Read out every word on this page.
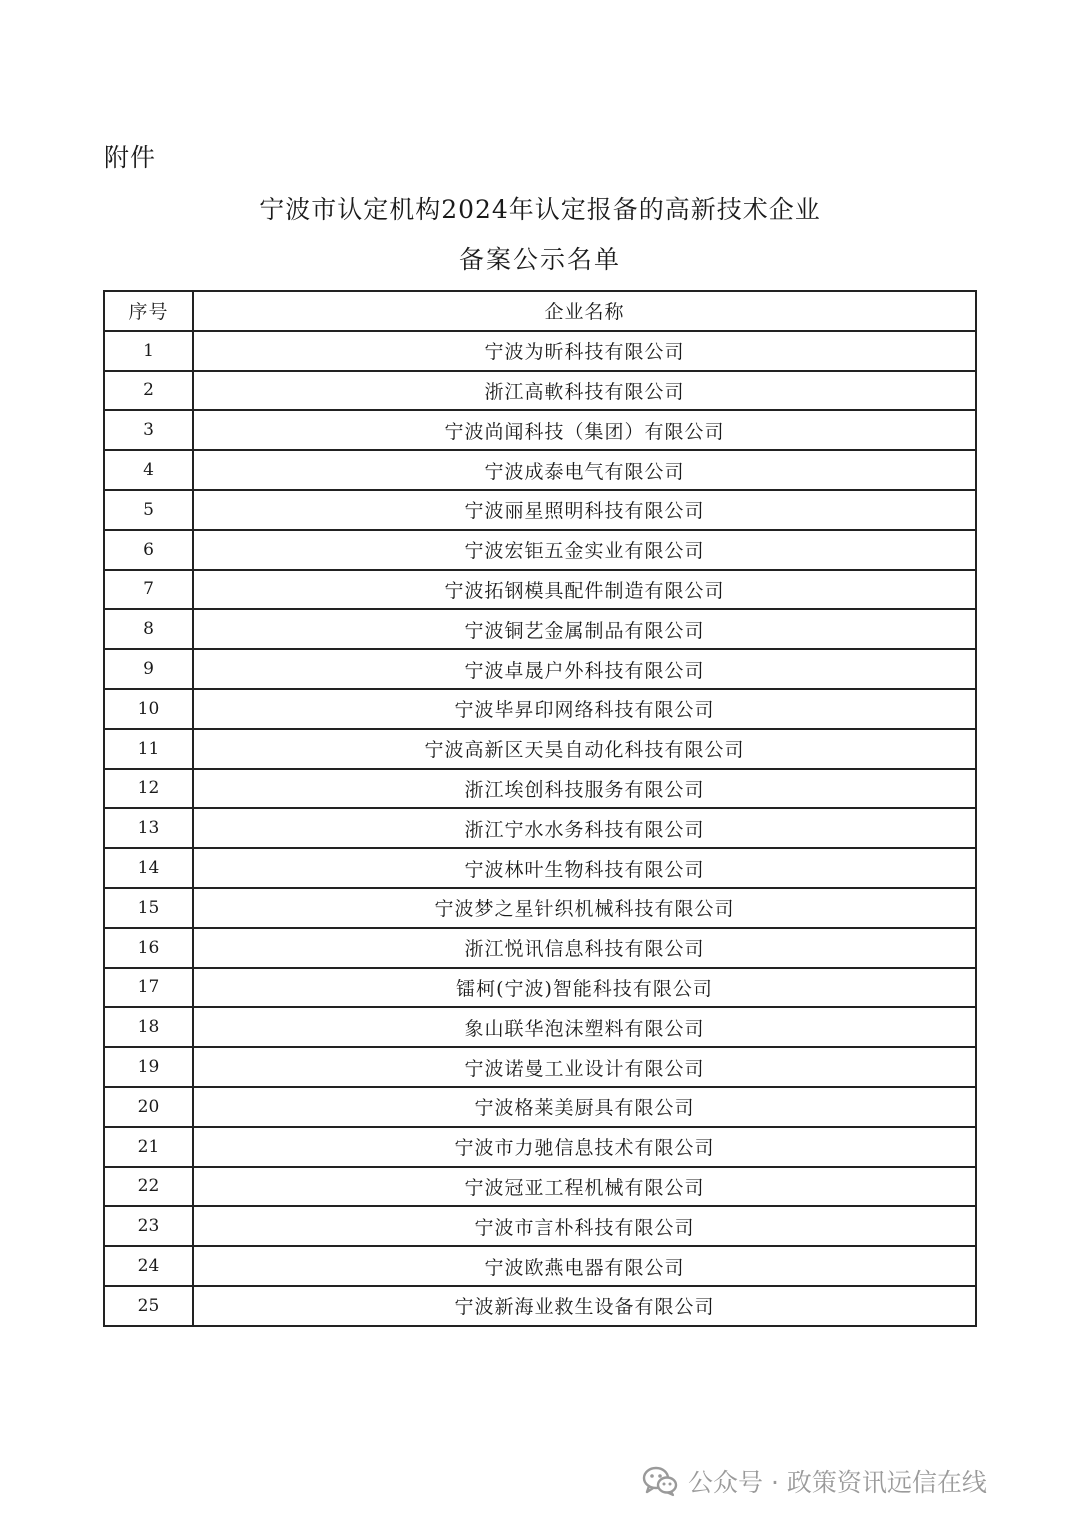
附件
宁波市认定机构2024年认定报备的高新技术企业
备案公示名单
序号	企业名称
1	宁波为昕科技有限公司
2	浙江高軟科技有限公司
3	宁波尚闻科技（集团）有限公司
4	宁波成泰电气有限公司
5	宁波丽星照明科技有限公司
6	宁波宏钜五金实业有限公司
7	宁波拓钢模具配件制造有限公司
8	宁波铜艺金属制品有限公司
9	宁波卓晟户外科技有限公司
10	宁波毕昇印网络科技有限公司
11	宁波高新区天昊自动化科技有限公司
12	浙江埃创科技服务有限公司
13	浙江宁水水务科技有限公司
14	宁波林叶生物科技有限公司
15	宁波梦之星针织机械科技有限公司
16	浙江悦讯信息科技有限公司
17	镭柯(宁波)智能科技有限公司
18	象山联华泡沫塑料有限公司
19	宁波诺曼工业设计有限公司
20	宁波格莱美厨具有限公司
21	宁波市力驰信息技术有限公司
22	宁波冠亚工程机械有限公司
23	宁波市言朴科技有限公司
24	宁波欧燕电器有限公司
25	宁波新海业救生设备有限公司
公众号 · 政策资讯远信在线
